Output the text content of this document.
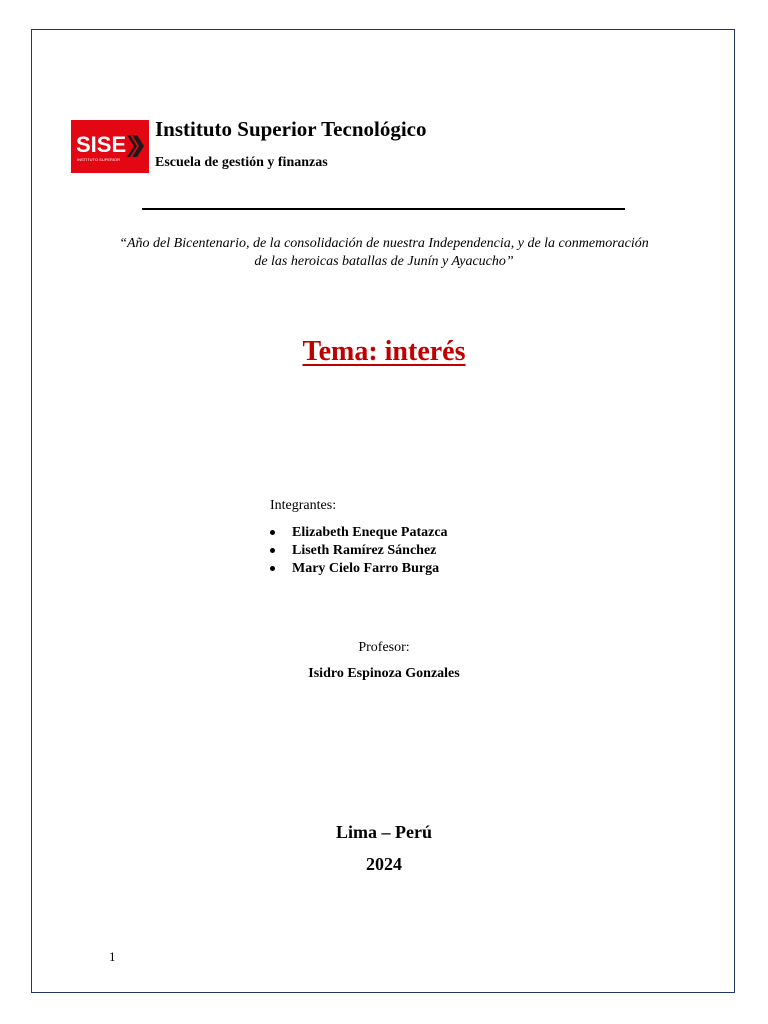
SISE
INSTITUTO SUPERIOR
Instituto Superior Tecnológico
Escuela de gestión y finanzas
“Año del Bicentenario, de la consolidación de nuestra Independencia, y de la conmemoración
de las heroicas batallas de Junín y Ayacucho”
Tema: interés
Integrantes:
Elizabeth Eneque Patazca
Liseth Ramírez Sánchez
Mary Cielo Farro Burga
Profesor:
Isidro Espinoza Gonzales
Lima – Perú
2024
1
